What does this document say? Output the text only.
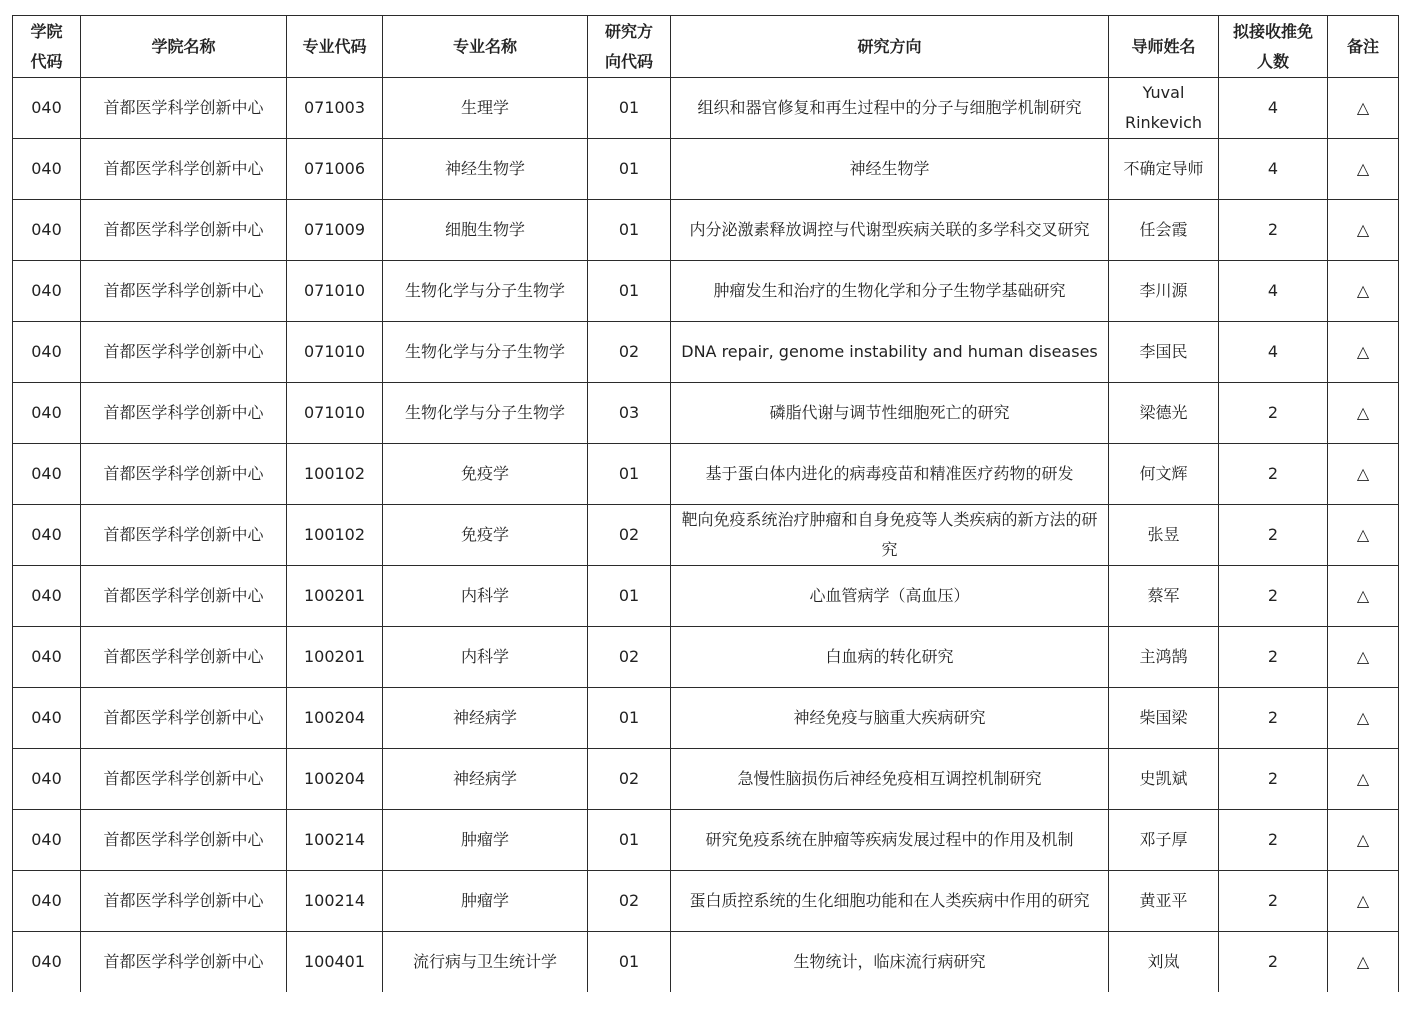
学院代码	学院名称	专业代码	专业名称	研究方向代码	研究方向	导师姓名	拟接收推免人数	备注
040	首都医学科学创新中心	071003	生理学	01	组织和器官修复和再生过程中的分子与细胞学机制研究	Yuval Rinkevich	4	△
040	首都医学科学创新中心	071006	神经生物学	01	神经生物学	不确定导师	4	△
040	首都医学科学创新中心	071009	细胞生物学	01	内分泌激素释放调控与代谢型疾病关联的多学科交叉研究	任会霞	2	△
040	首都医学科学创新中心	071010	生物化学与分子生物学	01	肿瘤发生和治疗的生物化学和分子生物学基础研究	李川源	4	△
040	首都医学科学创新中心	071010	生物化学与分子生物学	02	DNA repair, genome instability and human diseases	李国民	4	△
040	首都医学科学创新中心	071010	生物化学与分子生物学	03	磷脂代谢与调节性细胞死亡的研究	梁德光	2	△
040	首都医学科学创新中心	100102	免疫学	01	基于蛋白体内进化的病毒疫苗和精准医疗药物的研发	何文辉	2	△
040	首都医学科学创新中心	100102	免疫学	02	靶向免疫系统治疗肿瘤和自身免疫等人类疾病的新方法的研究	张昱	2	△
040	首都医学科学创新中心	100201	内科学	01	心血管病学（高血压）	蔡军	2	△
040	首都医学科学创新中心	100201	内科学	02	白血病的转化研究	主鸿鹄	2	△
040	首都医学科学创新中心	100204	神经病学	01	神经免疫与脑重大疾病研究	柴国梁	2	△
040	首都医学科学创新中心	100204	神经病学	02	急慢性脑损伤后神经免疫相互调控机制研究	史凯斌	2	△
040	首都医学科学创新中心	100214	肿瘤学	01	研究免疫系统在肿瘤等疾病发展过程中的作用及机制	邓子厚	2	△
040	首都医学科学创新中心	100214	肿瘤学	02	蛋白质控系统的生化细胞功能和在人类疾病中作用的研究	黄亚平	2	△
040	首都医学科学创新中心	100401	流行病与卫生统计学	01	生物统计，临床流行病研究	刘岚	2	△
